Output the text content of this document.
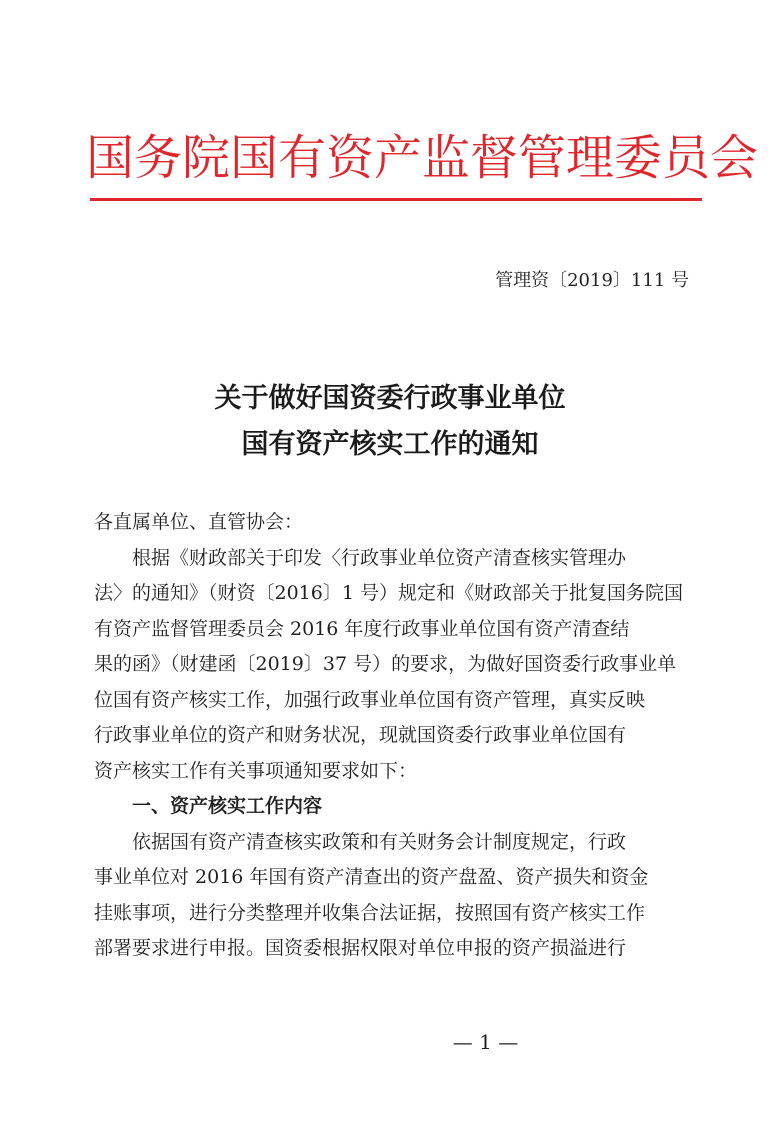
国务院国有资产监督管理委员会
管理资〔2019〕111 号
关于做好国资委行政事业单位
国有资产核实工作的通知

各直属单位、直管协会：

根据《财政部关于印发〈行政事业单位资产清查核实管理办
法〉的通知》（财资〔2016〕1 号）规定和《财政部关于批复国务院国
有资产监督管理委员会 2016 年度行政事业单位国有资产清查结
果的函》（财建函〔2019〕37 号）的要求，为做好国资委行政事业单
位国有资产核实工作，加强行政事业单位国有资产管理，真实反映
行政事业单位的资产和财务状况，现就国资委行政事业单位国有
资产核实工作有关事项通知要求如下：

一、资产核实工作内容

依据国有资产清查核实政策和有关财务会计制度规定，行政
事业单位对 2016 年国有资产清查出的资产盘盈、资产损失和资金
挂账事项，进行分类整理并收集合法证据，按照国有资产核实工作
部署要求进行申报。国资委根据权限对单位申报的资产损溢进行

— 1 —
